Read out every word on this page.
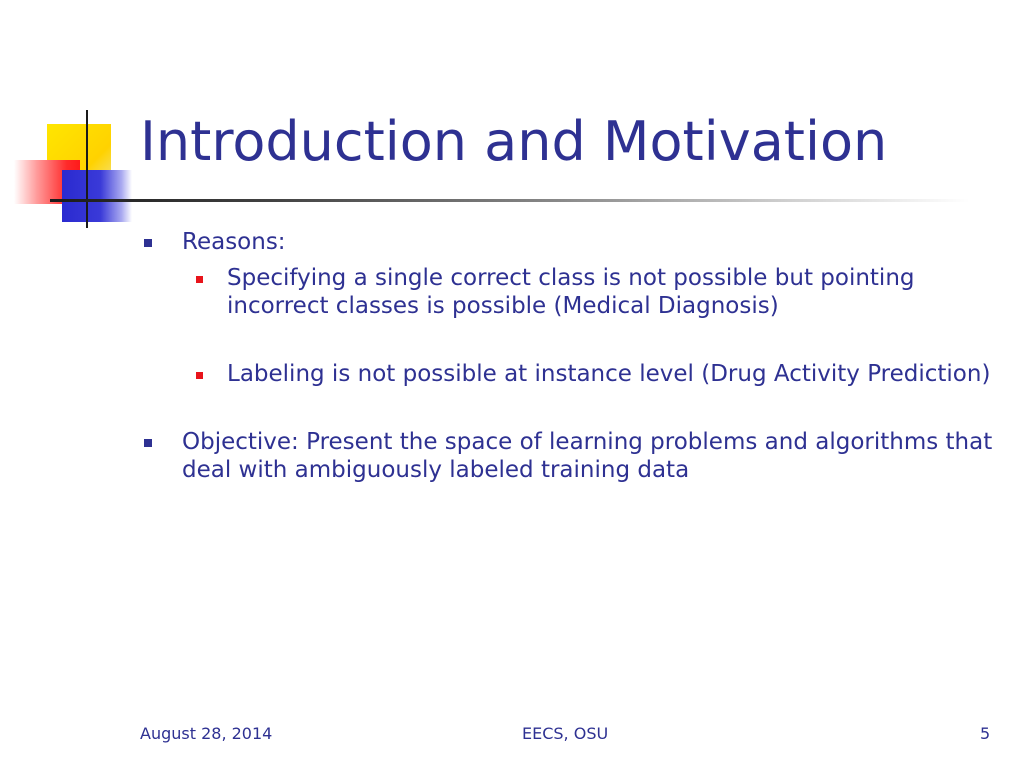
Introduction and Motivation
Reasons:
Specifying a single correct class is not possible but pointing incorrect classes is possible (Medical Diagnosis)
Labeling is not possible at instance level (Drug Activity Prediction)
Objective: Present the space of learning problems and algorithms that deal with ambiguously labeled training data
August 28, 2014	EECS, OSU	5
